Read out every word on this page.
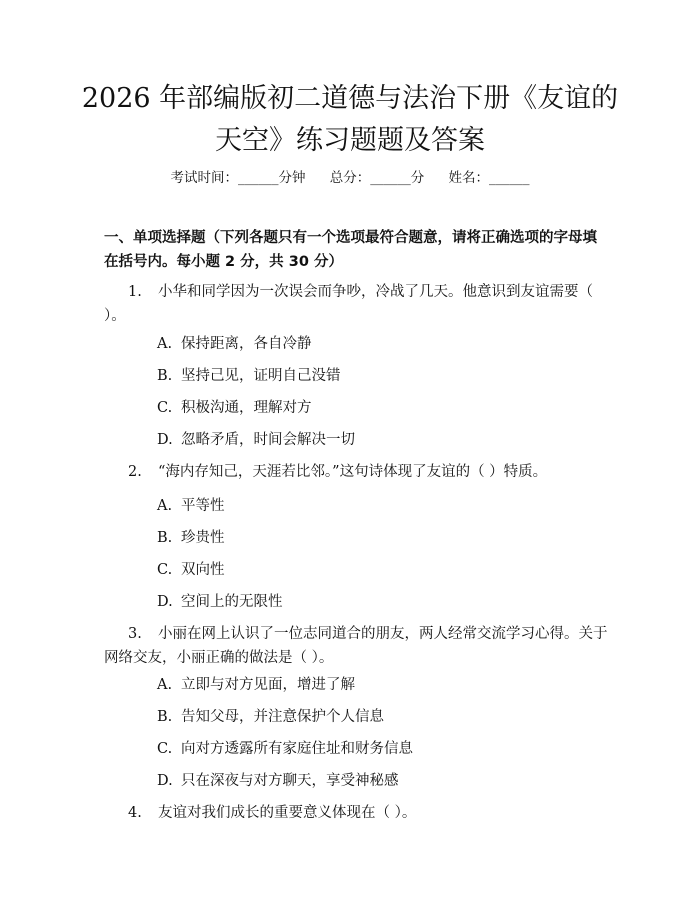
2026 年部编版初二道德与法治下册《友谊的
天空》练习题题及答案
考试时间：______分钟 总分：______分 姓名：______

一、单项选择题（下列各题只有一个选项最符合题意，请将正确选项的字母填在括号内。每小题 2 分，共 30 分）

1. 小华和同学因为一次误会而争吵，冷战了几天。他意识到友谊需要（ ）。

A. 保持距离，各自冷静

B. 坚持己见，证明自己没错

C. 积极沟通，理解对方

D. 忽略矛盾，时间会解决一切

2. “海内存知己，天涯若比邻。”这句诗体现了友谊的（ ）特质。

A. 平等性

B. 珍贵性

C. 双向性

D. 空间上的无限性

3. 小丽在网上认识了一位志同道合的朋友，两人经常交流学习心得。关于网络交友，小丽正确的做法是（ ）。

A. 立即与对方见面，增进了解

B. 告知父母，并注意保护个人信息

C. 向对方透露所有家庭住址和财务信息

D. 只在深夜与对方聊天，享受神秘感

4. 友谊对我们成长的重要意义体现在（ ）。
